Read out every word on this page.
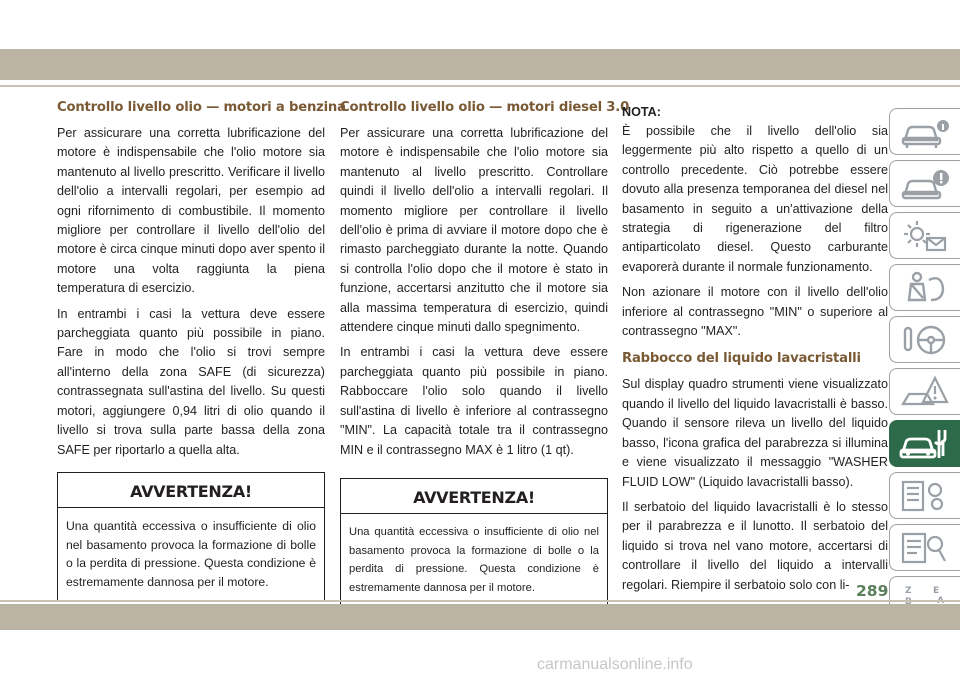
Controllo livello olio — motori a benzina

Per assicurare una corretta lubrificazione del motore è indispensabile che l'olio motore sia mantenuto al livello prescritto. Verificare il livello dell'olio a intervalli regolari, per esempio ad ogni rifornimento di combustibile. Il momento migliore per controllare il livello dell'olio del motore è circa cinque minuti dopo aver spento il motore una volta raggiunta la piena temperatura di esercizio.

In entrambi i casi la vettura deve essere parcheggiata quanto più possibile in piano. Fare in modo che l'olio si trovi sempre all'interno della zona SAFE (di sicurezza) contrassegnata sull'astina del livello. Su questi motori, aggiungere 0,94 litri di olio quando il livello si trova sulla parte bassa della zona SAFE per riportarlo a quella alta.

AVVERTENZA!
Una quantità eccessiva o insufficiente di olio nel basamento provoca la formazione di bolle o la perdita di pressione. Questa condizione è estremamente dannosa per il motore.
Controllo livello olio — motori diesel 3.0

Per assicurare una corretta lubrificazione del motore è indispensabile che l'olio motore sia mantenuto al livello prescritto. Controllare quindi il livello dell'olio a intervalli regolari. Il momento migliore per controllare il livello dell'olio è prima di avviare il motore dopo che è rimasto parcheggiato durante la notte. Quando si controlla l'olio dopo che il motore è stato in funzione, accertarsi anzitutto che il motore sia alla massima temperatura di esercizio, quindi attendere cinque minuti dallo spegnimento.

In entrambi i casi la vettura deve essere parcheggiata quanto più possibile in piano. Rabboccare l'olio solo quando il livello sull'astina di livello è inferiore al contrassegno "MIN". La capacità totale tra il contrassegno MIN e il contrassegno MAX è 1 litro (1 qt).

AVVERTENZA!
Una quantità eccessiva o insufficiente di olio nel basamento provoca la formazione di bolle o la perdita di pressione. Questa condizione è estremamente dannosa per il motore.
NOTA:

È possibile che il livello dell'olio sia leggermente più alto rispetto a quello di un controllo precedente. Ciò potrebbe essere dovuto alla presenza temporanea del diesel nel basamento in seguito a un'attivazione della strategia di rigenerazione del filtro antiparticolato diesel. Questo carburante evaporerà durante il normale funzionamento.

Non azionare il motore con il livello dell'olio inferiore al contrassegno "MIN" o superiore al contrassegno "MAX".

Rabbocco del liquido lavacristalli

Sul display quadro strumenti viene visualizzato quando il livello del liquido lavacristalli è basso. Quando il sensore rileva un livello del liquido basso, l'icona grafica del parabrezza si illumina e viene visualizzato il messaggio "WASHER FLUID LOW" (Liquido lavacristalli basso).

Il serbatoio del liquido lavacristalli è lo stesso per il parabrezza e il lunotto. Il serbatoio del liquido si trova nel vano motore, accertarsi di controllare il livello del liquido a intervalli regolari. Riempire il serbatoio solo con li-	Z E
289
carmanualsonline.info
